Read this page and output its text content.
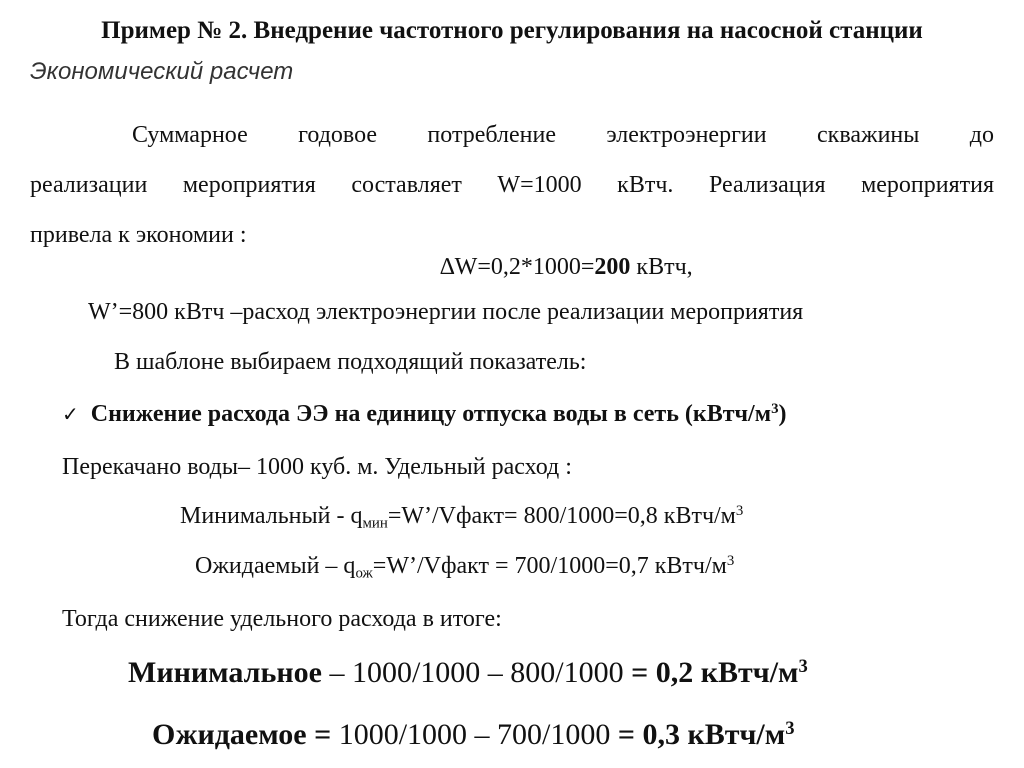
Пример № 2. Внедрение частотного регулирования на насосной станции
Экономический расчет

Суммарное годовое потребление электроэнергии скважины до

реализации мероприятия составляет W=1000 кВтч. Реализация мероприятия

привела к экономии :

∆W=0,2*1000=200 кВтч,
W’=800 кВтч –расход электроэнергии после реализации мероприятия
В шаблоне выбираем подходящий показатель:
✓ Снижение расхода ЭЭ на единицу отпуска воды в сеть $(кВтч/м^3)$
Перекачано воды– 1000 куб. м. Удельный расход :
Минимальный - $q_{мин}=W’/Vфакт= 800/1000=0,8$ кВтч/$м^3$
Ожидаемый – $q_{ож}=W$’/Vфакт = 700/1000=0,7 кВтч/$м^3$
Тогда снижение удельного расхода в итоге:
Минимальное – 1000/1000 – 800/1000 = 0,2 кВтч/$м^3$
Ожидаемое = 1000/1000 – 700/1000 = 0,3 кВтч/$м^3$
